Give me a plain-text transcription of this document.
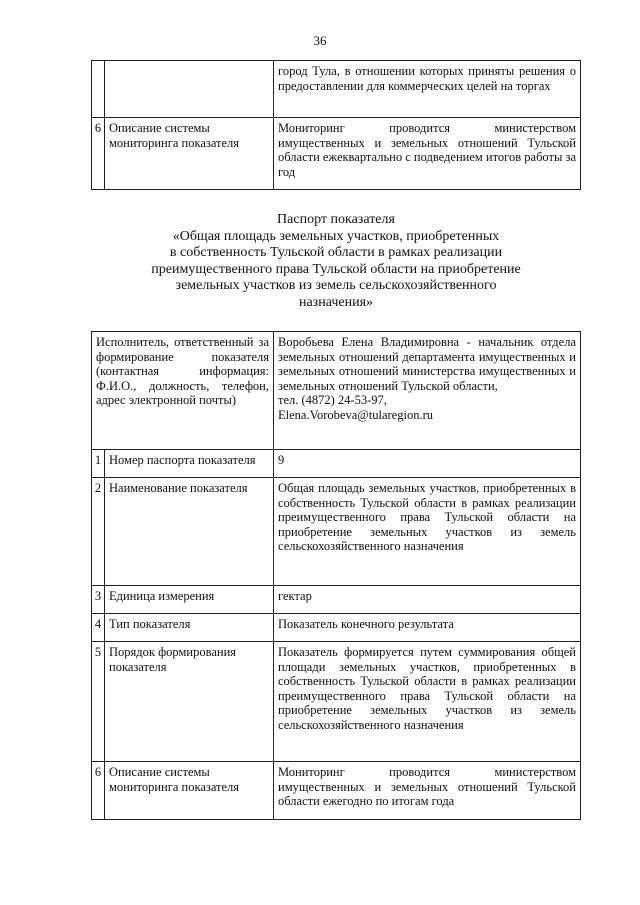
36
		город Тула, в отношении которых приняты решения о предоставлении для коммерческих целей на торгах
6	Описание системы мониторинга показателя	Мониторинг проводится министерством имущественных и земельных отношений Тульской области ежеквартально с подведением итогов работы за год
Паспорт показателя
«Общая площадь земельных участков, приобретенных
в собственность Тульской области в рамках реализации
преимущественного права Тульской области на приобретение
земельных участков из земель сельскохозяйственного
назначения»
Исполнитель, ответственный за формирование показателя (контактная информация: Ф.И.О., должность, телефон, адрес электронной почты)		Воробьева Елена Владимировна - начальник отдела земельных отношений департамента имущественных и земельных отношений министерства имущественных и земельных отношений Тульской области,
тел. (4872) 24-53-97,
Elena.Vorobeva@tularegion.ru

1	Номер паспорта показателя	9
2	Наименование показателя	Общая площадь земельных участков, приобретенных в собственность Тульской области в рамках реализации преимущественного права Тульской области на приобретение земельных участков из земель сельскохозяйственного назначения
3	Единица измерения	гектар
4	Тип показателя	Показатель конечного результата
5	Порядок формирования показателя	Показатель формируется путем суммирования общей площади земельных участков, приобретенных в собственность Тульской области в рамках реализации преимущественного права Тульской области на приобретение земельных участков из земель сельскохозяйственного назначения
6	Описание системы мониторинга показателя	Мониторинг проводится министерством имущественных и земельных отношений Тульской области ежегодно по итогам года
